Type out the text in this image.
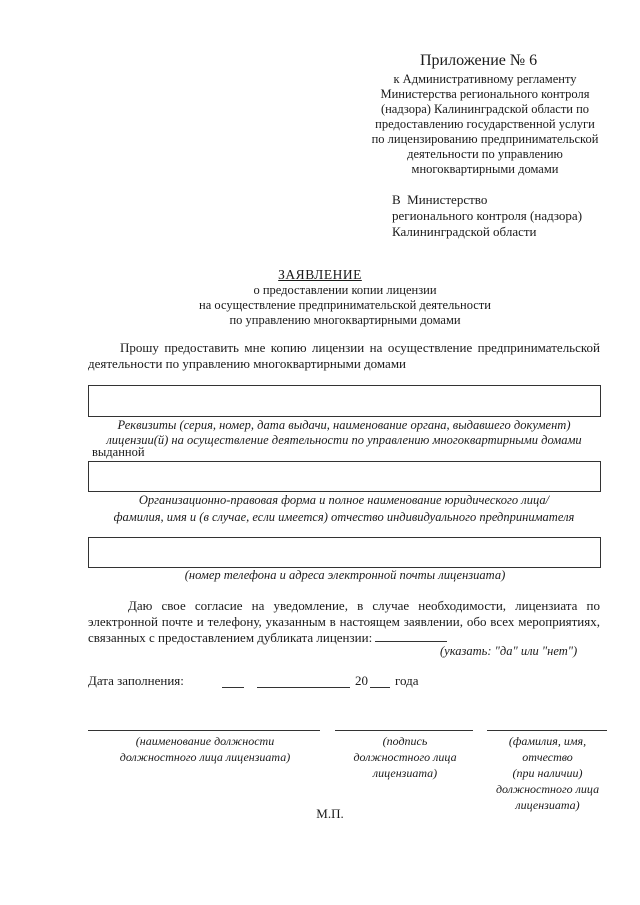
Приложение № 6
к Административному регламенту
Министерства регионального контроля
(надзора) Калининградской области по
предоставлению государственной услуги
по лицензированию предпринимательской
деятельности по управлению
многоквартирными домами
В  Министерство
регионального контроля (надзора)
Калининградской области
ЗАЯВЛЕНИЕ
о предоставлении копии лицензии
на осуществление предпринимательской деятельности
по управлению многоквартирными домами
Прошу предоставить мне копию лицензии на осуществление предпринимательской деятельности по управлению многоквартирными домами
Реквизиты (серия, номер, дата выдачи, наименование органа, выдавшего документ)
лицензии(й) на осуществление деятельности по управлению многоквартирными домами
выданной
Организационно-правовая форма и полное наименование юридического лица/
фамилия, имя и (в случае, если имеется) отчество индивидуального предпринимателя
(номер телефона и адреса электронной почты лицензиата)
Даю свое согласие на уведомление, в случае необходимости, лицензиата по электронной почте и телефону, указанным в настоящем заявлении, обо всех мероприятиях, связанных с предоставлением дубликата лицензии:
(указать: "да" или "нет")
Дата заполнения:	20 года
(наименование должности
должностного лица лицензиата)
(подпись
должностного лица
лицензиата)
(фамилия, имя,
отчество
(при наличии)
должностного лица
лицензиата)
М.П.
